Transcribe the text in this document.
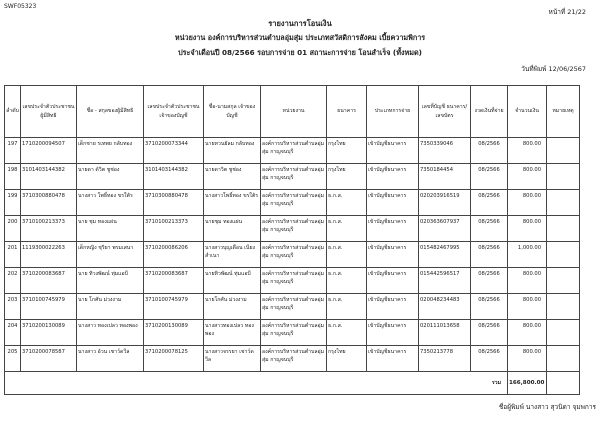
SWF05323
หน้าที่ 21/22
รายงานการโอนเงิน
หน่วยงาน องค์การบริหารส่วนตำบลอุ่มสุ่ม ประเภทสวัสดิการสังคม เบี้ยความพิการ
ประจำเดือนปี 08/2566 รอบการจ่าย 01 สถานะการจ่าย โอนสำเร็จ (ทั้งหมด)
วันที่พิมพ์ 12/06/2567
ลำดับ	เลขประจำตัวประชาชนผู้มีสิทธิ	ชื่อ - สกุลของผู้มีสิทธิ	เลขประจำตัวประชาชน เจ้าของบัญชี	ชื่อ-นามสกุล เจ้าของบัญชี	หน่วยงาน	ธนาคาร	ประเภทการจ่าย	เลขที่บัญชี ธนาคาร/ เลขบัตร	งวดเงินที่จ่าย	จำนวนเงิน	หมายเหตุ
197	1710200094507	เด็กชาย รเทพย กลับทอง	3710200073344	นายทวนยัลม กลับทอง	องค์การบริหารส่วนตำบลอุ่มสุ่ม กาญจนบุรี	กรุงไทย	เข้าบัญชีธนาคาร	7350339046	08/2566	800.00	
198	3101403144382	นายดา ด้วิต ชูช่อง	3101403144382	นายดาวิต ชูช่อง	องค์การบริหารส่วนตำบลอุ่มสุ่ม กาญจนบุรี	กรุงไทย	เข้าบัญชีธนาคาร	7350184454	08/2566	800.00	
199	3710300880478	นางสาว โพธิ์ทอง ขรใต้ร	3710300880478	นางสาวโพธิ์ทอง ขรใต้ร	องค์การบริหารส่วนตำบลอุ่มสุ่ม กาญจนบุรี	ธ.ก.ส.	เข้าบัญชีธนาคาร	020203916519	08/2566	800.00	
200	3710100213373	นาย ชุม ทองแผ่น	3710100213373	นายชุม ทองแผ่น	องค์การบริหารส่วนตำบลอุ่มสุ่ม กาญจนบุรี	ธ.ก.ส.	เข้าบัญชีธนาคาร	020363607937	08/2566	800.00	
201	1119300022263	เด็กหญิง ชุริยา พรมเสนา	3710200086206	นางสาวบุญเดือน เนียงสำเนา	องค์การบริหารส่วนตำบลอุ่มสุ่ม กาญจนบุรี	ธ.ก.ส.	เข้าบัญชีธนาคาร	015482467995	08/2566	1,000.00	
202	3710200083687	นาย ทิวงพัฒน์ ทุ่มแอบี	3710200083687	นายทิวพัฒน์ ทุ่มแอบี	องค์การบริหารส่วนตำบลอุ่มสุ่ม กาญจนบุรี	ธ.ก.ส.	เข้าบัญชีธนาคาร	015442596517	08/2566	800.00	
203	3710100745979	นาย โกศัน ม่วงงาม	3710100745979	นายโกศัน ม่วงงาม	องค์การบริหารส่วนตำบลอุ่มสุ่ม กาญจนบุรี	ธ.ก.ส.	เข้าบัญชีธนาคาร	020048234483	08/2566	800.00	
204	3710200130089	นางสาว ทองเปลว ทองพอง	3710200130089	นางสาวทองเปลว ทองพอง	องค์การบริหารส่วนตำบลอุ่มสุ่ม กาญจนบุรี	ธ.ก.ส.	เข้าบัญชีธนาคาร	020111013658	08/2566	800.00	
205	3710200078587	นางสาว อ้วน เชาว์ดวีล	3710200078125	นางสาวจรรยา เชาว์ดวีล	องค์การบริหารส่วนตำบลอุ่มสุ่ม กาญจนบุรี	กรุงไทย	เข้าบัญชีธนาคาร	7350213778	08/2566	800.00	
รวม										166,800.00	
ชื่อผู้พิมพ์ นางสาว สุวนิดา จุมพการ
